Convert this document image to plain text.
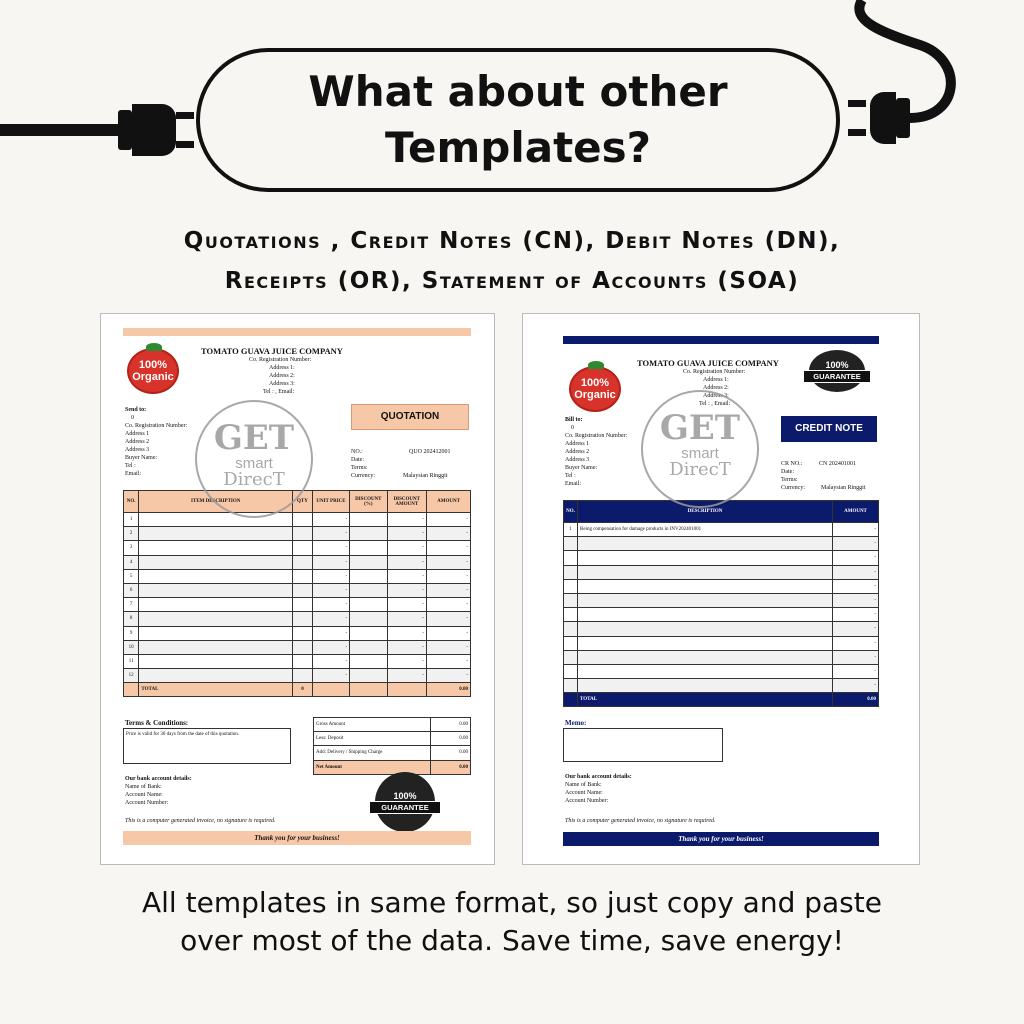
What about other
Templates?
Quotations , Credit Notes (CN), Debit Notes (DN),
Receipts (OR), Statement of Accounts (SOA)
100%
Organic
TOMATO GUAVA JUICE COMPANY
Co. Registration Number:
Address 1:
Address 2:
Address 3:
Tel : , Email:
Send to:
0
Co. Registration Number:
Address 1
Address 2
Address 3
Buyer Name:
Tel :
Email:
QUOTATION
NO.:	QUO 202412001
Date:
Terms:
Currency:	Malaysian Ringgit
NO.	ITEM DESCRIPTION	QTY	UNIT PRICE	DISCOUNT (%)	DISCOUNT AMOUNT	AMOUNT
1			-		-	-
2			-		-	-
3			-		-	-
4			-		-	-
5			-		-	-
6			-		-	-
7			-		-	-
8			-		-	-
9			-		-	-
10			-		-	-
11			-		-	-
12			-		-	-
	TOTAL	0				0.00
Terms & Conditions:
Price is valid for 30 days from the date of this quotation.
Gross Amount	0.00
Less: Deposit	0.00
Add: Delivery / Shipping Charge	0.00
Net Amount	0.00
Our bank account details:
Name of Bank:
Account Name:
Account Number:
This is a computer generated invoice, no signature is required.
100%
GUARANTEE
Thank you for your business!
GET
smart
DirecT
100%
Organic
TOMATO GUAVA JUICE COMPANY
Co. Registration Number:
Address 1:
Address 2:
Address 3:
Tel : , Email:
100%
GUARANTEE
Bill to:
0
Co. Registration Number:
Address 1
Address 2
Address 3
Buyer Name:
Tel :
Email:
CREDIT NOTE
CR NO.:	CN 202401001
Date:
Terms:
Currency:	Malaysian Ringgit
NO.	DESCRIPTION	AMOUNT
1	Being compensation for damage products in INV202401001	-
		-
		-
		-
		-
		-
		-
		-
		-
		-
		-
		-
	TOTAL	0.00
Memo:
Our bank account details:
Name of Bank:
Account Name:
Account Number:
This is a computer generated invoice, no signature is required.
Thank you for your business!
GET
smart
DirecT
All templates in same format, so just copy and paste
over most of the data. Save time, save energy!
